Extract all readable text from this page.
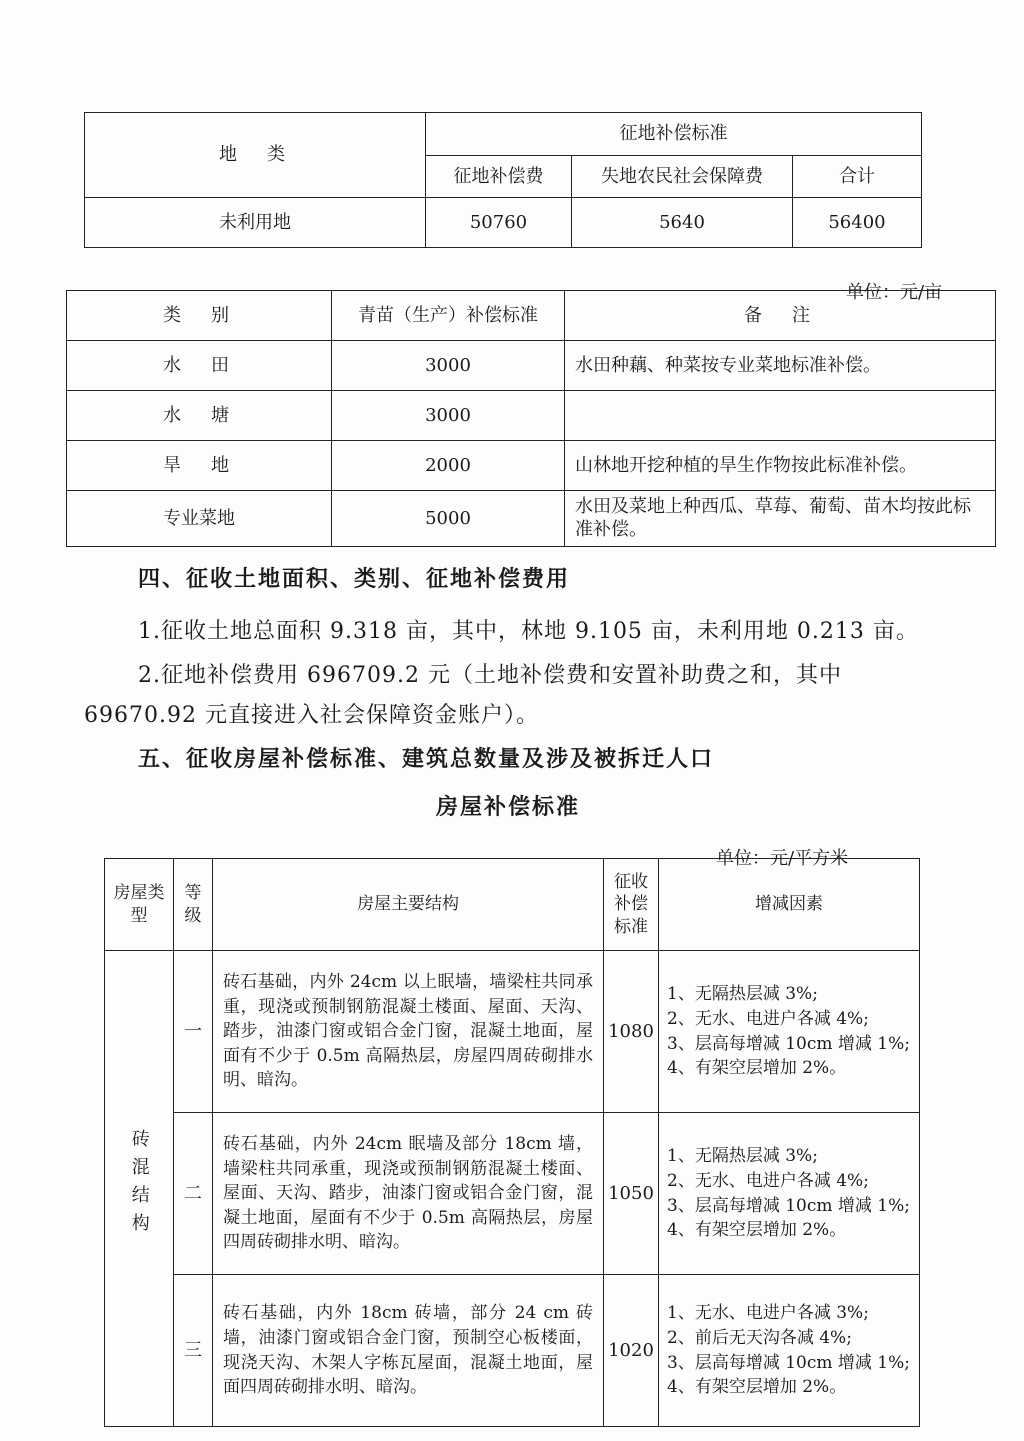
地　类	征地补偿标准		
	征地补偿费	失地农民社会保障费	合计
未利用地	50760	5640	56400
单位：元/亩
类　别	青苗（生产）补偿标准	备　注
水　田	3000	水田种藕、种菜按专业菜地标准补偿。
水　塘	3000	
旱　地	2000	山林地开挖种植的旱生作物按此标准补偿。
专业菜地	5000	水田及菜地上种西瓜、草莓、葡萄、苗木均按此标准补偿。
四、征收土地面积、类别、征地补偿费用
1.征收土地总面积 9.318 亩，其中，林地 9.105 亩，未利用地 0.213 亩。
2.征地补偿费用 696709.2 元（土地补偿费和安置补助费之和，其中
69670.92 元直接进入社会保障资金账户）。
五、征收房屋补偿标准、建筑总数量及涉及被拆迁人口
房屋补偿标准
单位：元/平方米
房屋类型	等级	房屋主要结构	征收补偿标准	增减因素
砖混结构	一	砖石基础，内外 24cm 以上眠墙，墙梁柱共同承重，现浇或预制钢筋混凝土楼面、屋面、天沟、踏步，油漆门窗或铝合金门窗，混凝土地面，屋面有不少于 0.5m 高隔热层，房屋四周砖砌排水明、暗沟。	1080	1、无隔热层减 3%;
2、无水、电进户各减 4%;
3、层高每增减 10cm 增减 1%;
4、有架空层增加 2%。

	二	砖石基础，内外 24cm 眠墙及部分 18cm 墙，墙梁柱共同承重，现浇或预制钢筋混凝土楼面、屋面、天沟、踏步，油漆门窗或铝合金门窗，混凝土地面，屋面有不少于 0.5m 高隔热层，房屋四周砖砌排水明、暗沟。	1050	1、无隔热层减 3%;
2、无水、电进户各减 4%;
3、层高每增减 10cm 增减 1%;
4、有架空层增加 2%。

	三	砖石基础，内外 18cm 砖墙，部分 24 cm 砖墙，油漆门窗或铝合金门窗，预制空心板楼面，现浇天沟、木架人字栋瓦屋面，混凝土地面，屋面四周砖砌排水明、暗沟。	1020	1、无水、电进户各减 3%;
2、前后无天沟各减 4%;
3、层高每增减 10cm 增减 1%;
4、有架空层增加 2%。
